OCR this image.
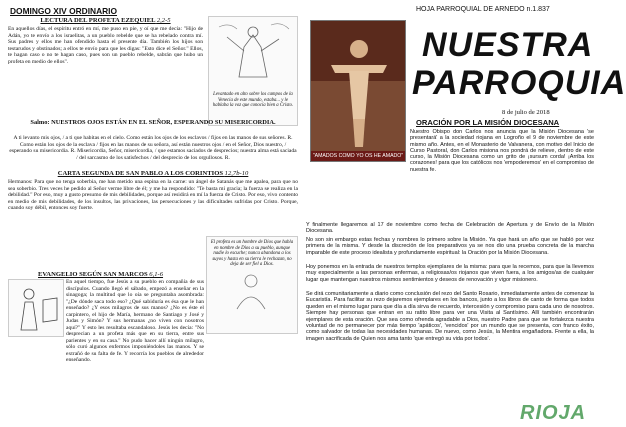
DOMINGO XIV ORDINARIO
LECTURA DEL PROFETA EZEQUIEL 2,2-5
En aquellos días, el espíritu entró en mí, me puso en pie, y oí que me decía: "Hijo de Adán, yo te envío a los israelitas, a un pueblo rebelde que se ha rebelado contra mí. Sus padres y ellos me han ofendido hasta el presente día. También los hijos son testarudos y obstinados; a ellos te envío para que les digas: "Esto dice el Señor." Ellos, te hagan caso o no te hagan caso, pues son un pueblo rebelde, sabrán que hubo un profeta en medio de ellos".
Levantado en alto sobre los campos de la Venecia de este mundo, estaba... y le hablaba la voz que conocía bien a Cristo.
Salmo: NUESTROS OJOS ESTÁN EN EL SEÑOR, ESPERANDO SU MISERICORDIA.
A ti levanto mis ojos, / a ti que habitas en el cielo. Como están los ojos de los esclavos / fijos en las manos de sus señores. R. Como están los ojos de la esclava / fijos en las manos de su señora, así están nuestros ojos / en el Señor, Dios nuestro, / esperando su misericordia. R. Misericordia, Señor, misericordia, / que estamos saciados de desprecios; nuestra alma está saciada / del sarcasmo de los satisfechos / del desprecio de los orgullosos. R.
CARTA SEGUNDA DE SAN PABLO A LOS CORINTIOS 12,7b-10
Hermanos: Para que no tenga soberbia, me han metido una espina en la carne: un ángel de Satanás que me apalea, para que no sea soberbio. Tres veces he pedido al Señor verme libre de él; y me ha respondido: "Te basta mi gracia; la fuerza se realiza en la debilidad." Por eso, muy a gusto presumo de mis debilidades, porque así residirá en mí la fuerza de Cristo. Por eso, vivo contento en medio de mis debilidades, de los insultos, las privaciones, las persecuciones y las dificultades sufridas por Cristo. Porque, cuando soy débil, entonces soy fuerte.
El profeta es un hombre de Dios que habla en nombre de Dios a su pueblo, aunque nadie lo escuche; nunca abandona a los suyos y hasta en su tierra le rechazan, no deja de ser fiel a Dios.
EVANGELIO SEGÚN SAN MARCOS 6,1-6
En aquel tiempo, fue Jesús a su pueblo en compañía de sus discípulos. Cuando llegó el sábado, empezó a enseñar en la sinagoga; la multitud que lo oía se preguntaba asombrada: "¿De dónde saca todo eso? ¿Qué sabiduría es ésa que le han enseñado? ¿Y esos milagros de sus manos? ¿No es éste el carpintero, el hijo de María, hermano de Santiago y José y Judas y Simón? Y sus hermanas ¿no viven con nosotros aquí?" Y esto les resultaba escandaloso. Jesús les decía: "No desprecian a un profeta más que en su tierra, entre sus parientes y en su casa." No pudo hacer allí ningún milagro, sólo curó algunos enfermos imponiéndoles las manos. Y se extrañó de su falta de fe. Y recorría los pueblos de alrededor enseñando.
"AMADOS COMO YO OS HE AMADO"
HOJA PARROQUIAL DE ARNEDO n.1.837
NUESTRA
PARROQUIA
8 de julio de 2018
ORACIÓN POR LA MISIÓN DIOCESANA
Nuestro Obispo don Carlos nos anuncia que la Misión Diocesana 'se presentará' a la sociedad riojana en Logroño el 9 de noviembre de este mismo año. Antes, en el Monasterio de Valvanera, con motivo del Inicio de Curso Pastoral, don Carlos misiona nos pondrá de relieve, dentro de este curso, la Misión Diocesana como un grito de ¡sursum corda! ¡Arriba los corazones! para que los católicos nos 'empoderemos' en el compromiso de nuestra fe.
Y finalmente llegaremos al 17 de noviembre como fecha de Celebración de Apertura y de Envío de la Misión Diocesana.
No son sin embargo estas fechas y nombres lo primero sobre la Misión. Ya que hará un año que se habló por vez primera de la misma. Y desde la discreción de los preparativos ya se nos dio una prueba concreta de la marcha imparable de este proceso idealista y profundamente espiritual: la Oración por la Misión Diocesana.
Hoy ponemos en la entrada de nuestros templos ejemplares de la misma: para que la recemos, para que la llevemos muy especialmente a las personas enfermas, a religiosas/os riojanos que viven fuera, a los amigos/as de cualquier lugar que mantengan nuestros mismos sentimientos y deseos de renovación y vigor misionero.
Se dirá comunitariamente a diario como conclusión del rezo del Santo Rosario, inmediatamente antes de comenzar la Eucaristía. Para facilitar su rezo dejaremos ejemplares en los bancos, junto a los libros de canto de forma que todos queden en el mismo lugar para que día a día sirva de recuerdo, intercesión y compromiso para cada uno de nosotros. Siempre hay personas que entran en su ratito libre para ver una Visita al Santísimo. Allí también encontrarán ejemplares de esta oración. Que sea como ofrenda agradable a Dios, nuestro Padre para que se fortalezca nuestra voluntad de no permanecer por más tiempo 'apáticos', 'vencidos' por un mundo que se presenta, con franco éxito, como salvador de todas las necesidades humanas. De nuevo, como Jesús, la Mentira engañadora. Frente a ella, la imagen sacrificada de Quien nos ama tanto 'que entregó su vida por todos'.
RIOJA
